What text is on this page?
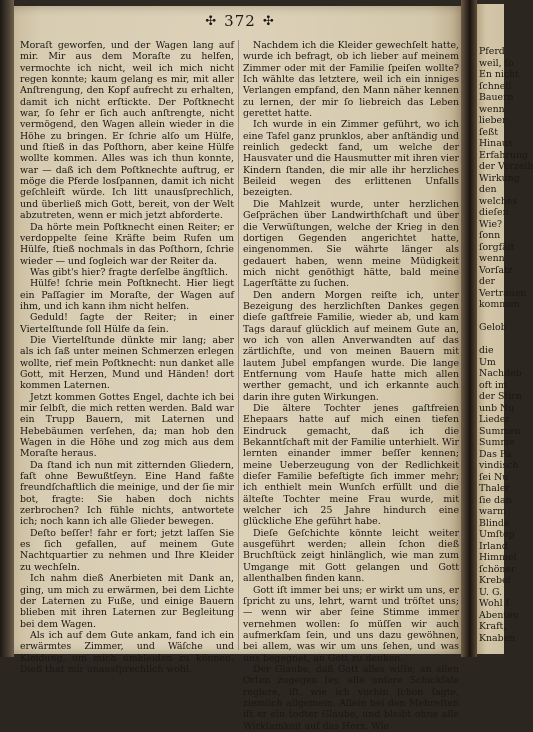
✣ 372 ✣

Moraſt geworfen, und der Wagen lang auf mir. Mir aus dem Moraſte zu helfen, vermochte ich nicht, weil ich mich nicht regen konnte; kaum gelang es mir, mit aller Anſtrengung, den Kopf aufrecht zu erhalten, damit ich nicht erſtickte. Der Poſtknecht war, ſo ſehr er ſich auch anſtrengte, nicht vermögend, den Wagen allein wieder in die Höhe zu bringen. Er ſchrie alſo um Hülfe, und ſtieß in das Poſthorn, aber keine Hülfe wollte kommen. Alles was ich thun konnte, war — daß ich dem Poſtknechte auftrug, er möge die Pferde losſpannen, damit ich nicht geſchleift würde. Ich litt unausſprechlich, und überließ mich Gott, bereit, von der Welt abzutreten, wenn er mich jetzt abforderte.

Da hörte mein Poſtknecht einen Reiter; er verdoppelte ſeine Kräfte beim Rufen um Hülfe, ſtieß nochmals in das Poſthorn, ſchrie wieder — und ſogleich war der Reiter da.

Was gibt's hier? fragte derſelbe ängſtlich.

Hülfe! ſchrie mein Poſtknecht. Hier liegt ein Paſſagier im Moraſte, der Wagen auf ihm, und ich kann ihm nicht helfen.

Geduld! ſagte der Reiter; in einer Viertelſtunde ſoll Hülfe da ſein.

Die Viertelſtunde dünkte mir lang; aber als ich ſaß unter meinen Schmerzen erlegen wollte, rief mein Poſtknecht: nun danket alle Gott, mit Herzen, Mund und Händen! dort kommen Laternen.

Jetzt kommen Gottes Engel, dachte ich bei mir ſelbſt, die mich retten werden. Bald war ein Trupp Bauern, mit Laternen und Hebebäumen verſehen, da; man hob den Wagen in die Höhe und zog mich aus dem Moraſte heraus.

Da ſtand ich nun mit zitternden Gliedern, faſt ohne Bewußtſeyn. Eine Hand faßte freundſchaftlich die meinige, und der ſie mir bot, fragte: Sie haben doch nichts zerbrochen? Ich fühle nichts, antwortete ich; noch kann ich alle Glieder bewegen.

Deſto beſſer! fahr er fort; jetzt laſſen Sie es ſich gefallen, auf meinem Gute Nachtquartier zu nehmen und Ihre Kleider zu wechſeln.

Ich nahm dieß Anerbieten mit Dank an, ging, um mich zu erwärmen, bei dem Lichte der Laternen zu Fuße, und einige Bauern blieben mit ihren Laternen zur Begleitung bei dem Wagen.

Als ich auf dem Gute ankam, fand ich ein erwärmtes Zimmer, und Wäſche und Kleidung, um mich umkleiden zu können. Dieß that mir unausſprechlich wohl.

Nachdem ich die Kleider gewechſelt hatte, wurde ich befragt, ob ich lieber auf meinem Zimmer oder mit der Familie ſpeiſen wollte? Ich wählte das letztere, weil ich ein inniges Verlangen empfand, den Mann näher kennen zu lernen, der mir ſo liebreich das Leben gerettet hatte.

Ich wurde in ein Zimmer geführt, wo ich eine Tafel ganz prunklos, aber anſtändig und reinlich gedeckt fand, um welche der Hausvater und die Hausmutter mit ihren vier Kindern ſtanden, die mir alle ihr herzliches Beileid wegen des erlittenen Unfalls bezeigten.

Die Mahlzeit wurde, unter herzlichen Geſprächen über Landwirthſchaft und über die Verwüſtungen, welche der Krieg in den dortigen Gegenden angerichtet hatte, eingenommen. Sie währte länger als gedauert haben, wenn meine Müdigkeit mich nicht genöthigt hätte, bald meine Lagerſtätte zu ſuchen.

Den andern Morgen reiſte ich, unter Bezeigung des herzlichſten Dankes gegen dieſe gaſtfreie Familie, wieder ab, und kam Tags darauf glücklich auf meinem Gute an, wo ich von allen Anverwandten auf das zärtlichſte, und von meinen Bauern mit lautem Jubel empfangen wurde. Die lange Entfernung vom Hauſe hatte mich allen werther gemacht, und ich erkannte auch darin ihre guten Wirkungen.

Die ältere Tochter jenes gaſtfreien Ehepaars hatte auf mich einen tiefen Eindruck gemacht, daß ich die Bekanntſchaft mit der Familie unterhielt. Wir lernten einander immer beſſer kennen; meine Ueberzeugung von der Redlichkeit dieſer Familie befeſtigte ſich immer mehr; ich enthielt mein Wunſch erfüllt und die älteſte Tochter meine Frau wurde, mit welcher ich 25 Jahre hindurch eine glückliche Ehe geführt habe.

Dieſe Geſchichte könnte leicht weiter ausgeführt werden; allein ſchon dieß Bruchſtück zeigt hinlänglich, wie man zum Umgange mit Gott gelangen und Gott allenthalben finden kann.

Gott iſt immer bei uns; er wirkt um uns, er ſpricht zu uns, lehrt, warnt und tröſtet uns; — wenn wir aber ſeine Stimme immer vernehmen wollen: ſo müſſen wir auch aufmerkſam ſein, und uns dazu gewöhnen, bei allem, was wir um uns ſehen, und was uns begegnet, an Gott zu denken.

Der Glaube, daß Gott alles wiſſe, an allen Orten zugegen ſey, alle unſere Schickſale regiere, iſt, wie ich vorhin ſchon ſagte, ziemlich allgemein. Allein bei den Mehreſten iſt er ein todter Glaube, und bleibt ohne alle Wirkſamkeit auf das Herz. Wie

Pferd
weil, ſo
En nicht
ſchnell
Bauern
wenn
lieber
ſeßt
Hinaus
Erfahrung
der Verzeih
Wirkung
den
welches
dieſen
Wie?
ſonn
ſorgfält
wenn
Vorſatz
der
Vertrauen
kommen
Gelob
die
Um
Nachdeb
oft im
der Stirn
unb Nu
Lieder
Summen
Summe
Das Pa
vindisch
ſei Nu
Thaler
ſie dan
warm
Blinde
Umſtep
Irland
Himmel
ſchöner
Krebel
U. G.
Wohl f
Abenteu
Kraft,
Knaben
